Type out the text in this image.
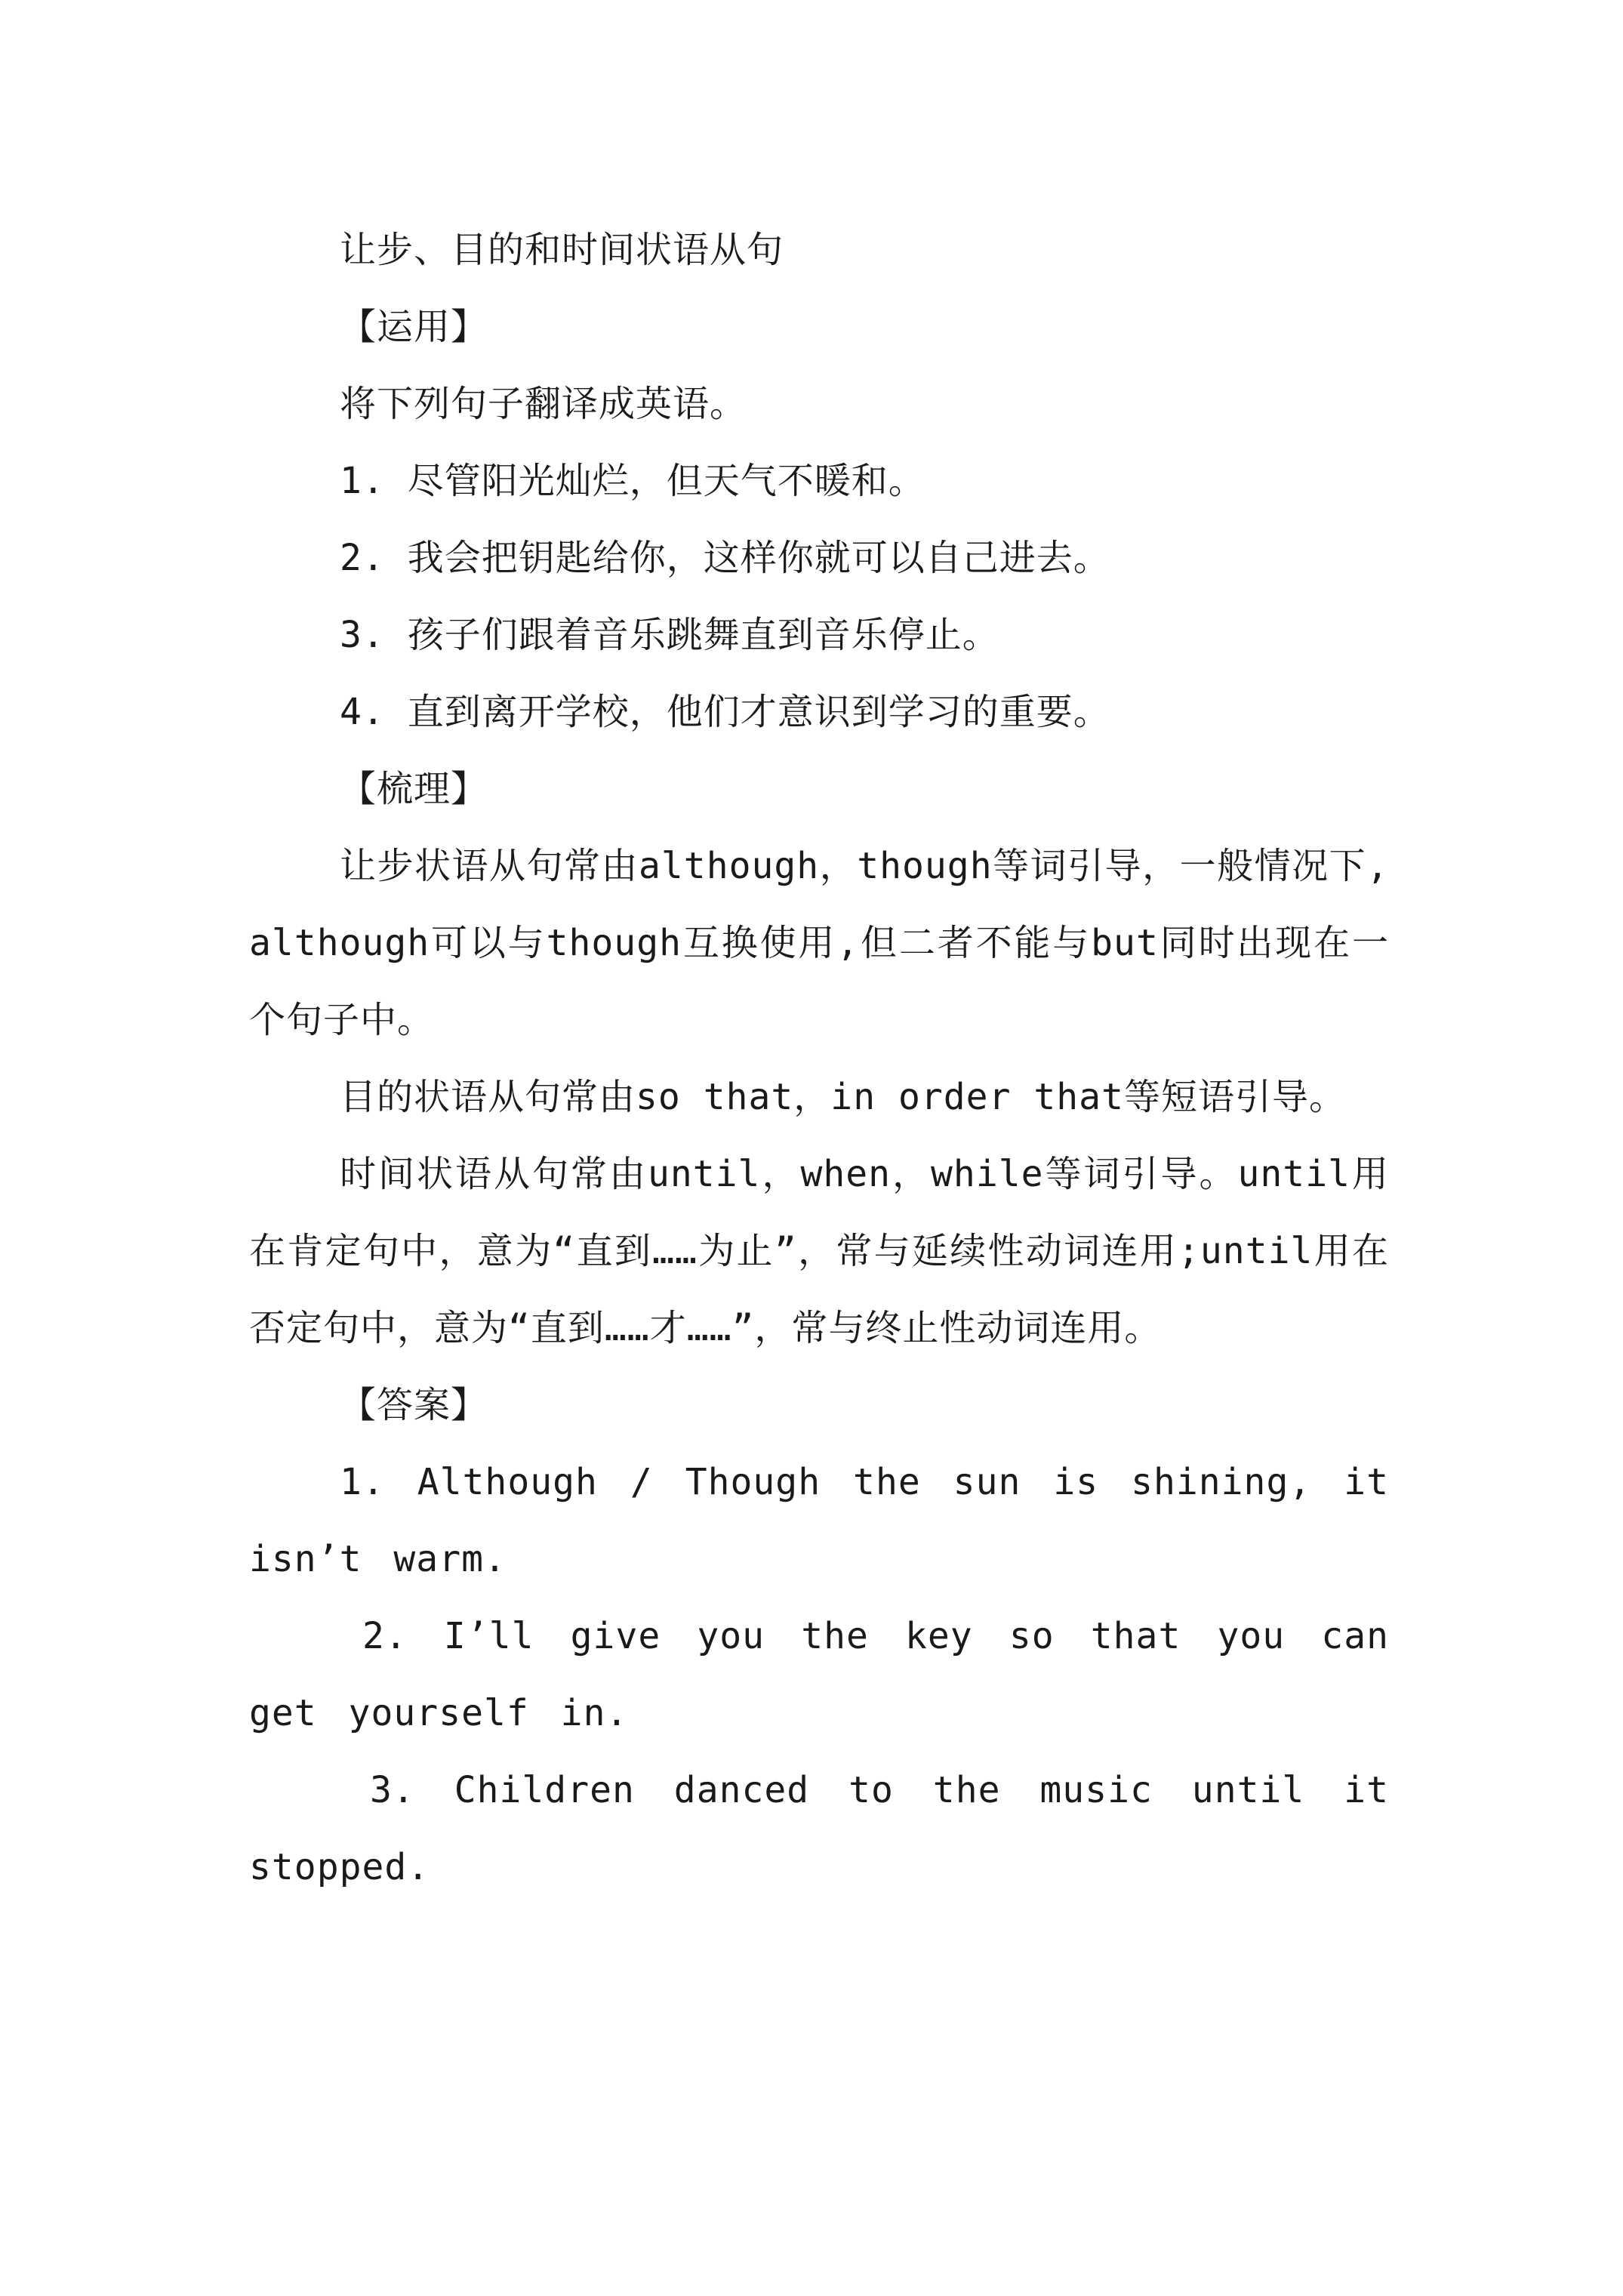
让步、目的和时间状语从句

【运用】

将下列句子翻译成英语。

1. 尽管阳光灿烂，但天气不暖和。

2. 我会把钥匙给你，这样你就可以自己进去。

3. 孩子们跟着音乐跳舞直到音乐停止。

4. 直到离开学校，他们才意识到学习的重要。

【梳理】

让步状语从句常由although，though等词引导，一般情况下,although可以与though互换使用,但二者不能与but同时出现在一个句子中。

目的状语从句常由so that，in order that等短语引导。

时间状语从句常由until，when，while等词引导。until用在肯定句中，意为“直到……为止”，常与延续性动词连用;until用在否定句中，意为“直到……才……”，常与终止性动词连用。

【答案】

1. Although / Though the sun is shining, it isn’t warm.

2. I’ll give you the key so that you can get yourself in.

3. Children danced to the music until it stopped.
